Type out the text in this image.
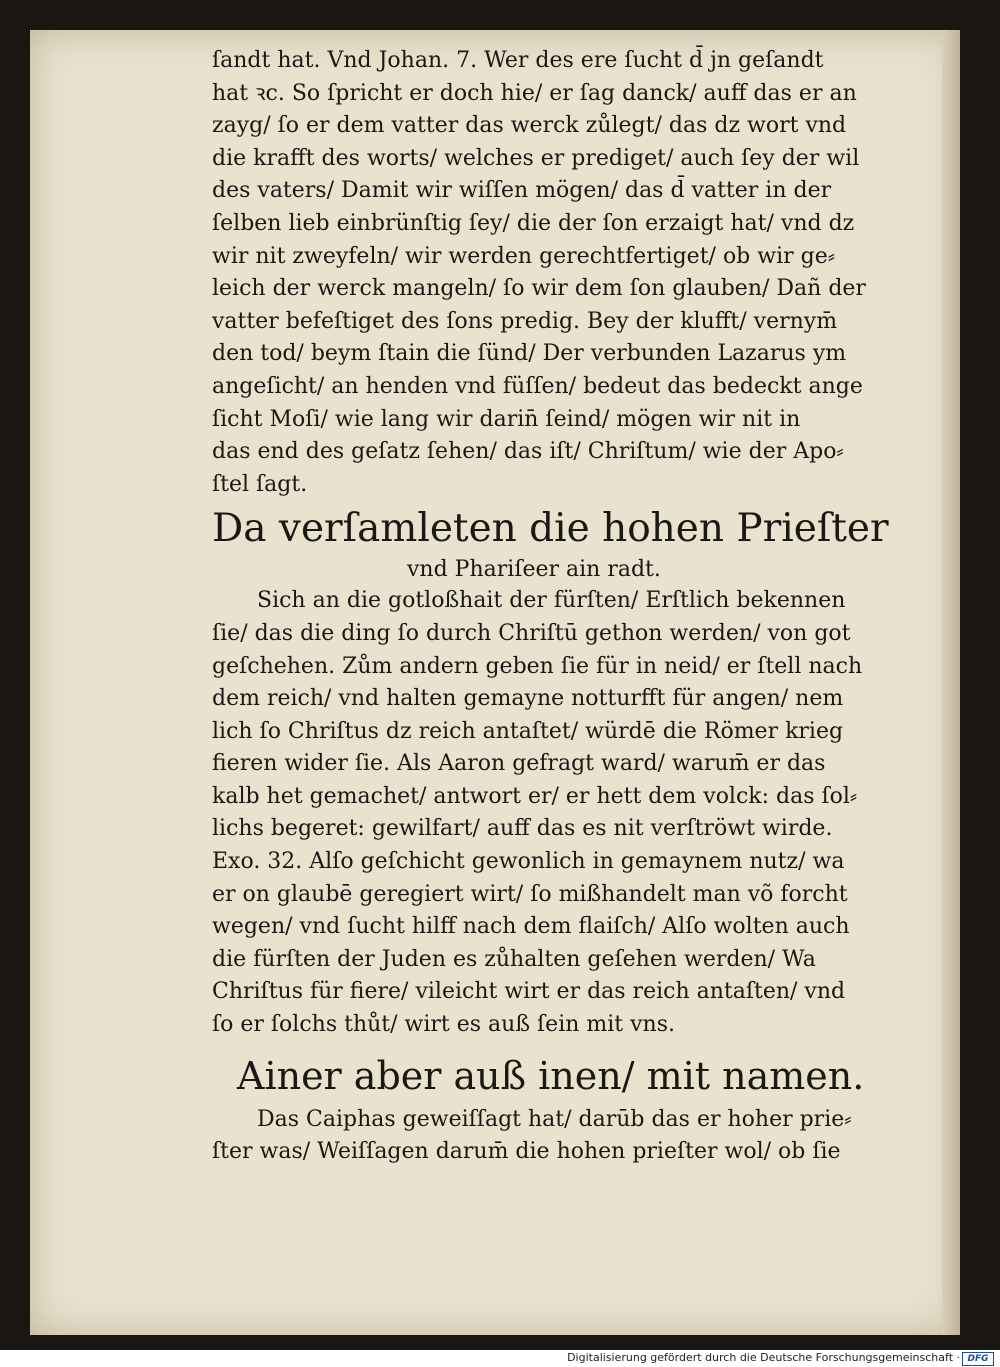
ſandt hat. Vnd Johan. 7. Wer des ere ſucht d̄ jn geſandt
hat ꝛc. So ſpricht er doch hie/ er ſag danck/ auff das er an
zayg/ ſo er dem vatter das werck zůlegt/ das dz wort vnd
die krafft des worts/ welches er prediget/ auch ſey der wil
des vaters/ Damit wir wiſſen mögen/ das d̄ vatter in der
ſelben lieb einbrünſtig ſey/ die der ſon erzaigt hat/ vnd dz
wir nit zweyfeln/ wir werden gerechtfertiget/ ob wir ge⸗
leich der werck mangeln/ ſo wir dem ſon glauben/ Dañ der
vatter befeſtiget des ſons predig. Bey der klufft/ vernym̄
den tod/ beym ſtain die ſünd/ Der verbunden Lazarus ym
angeſicht/ an henden vnd füſſen/ bedeut das bedeckt ange
ſicht Moſi/ wie lang wir darin̄ ſeind/ mögen wir nit in
das end des geſatz ſehen/ das iſt/ Chriſtum/ wie der Apo⸗
ſtel ſagt.
Da verſamleten die hohen Prieſter
vnd Phariſeer ain radt.
Sich an die gotloßhait der fürſten/ Erſtlich bekennen
ſie/ das die ding ſo durch Chriſtū gethon werden/ von got
geſchehen. Zům andern geben ſie für in neid/ er ſtell nach
dem reich/ vnd halten gemayne notturfft für angen/ nem
lich ſo Chriſtus dz reich antaſtet/ würdē die Römer krieg
fieren wider ſie. Als Aaron gefragt ward/ warum̄ er das
kalb het gemachet/ antwort er/ er hett dem volck: das ſol⸗
lichs begeret: gewilfart/ auff das es nit verſtröwt wirde.
Exo. 32. Alſo geſchicht gewonlich in gemaynem nutz/ wa
er on glaubē geregiert wirt/ ſo mißhandelt man võ forcht
wegen/ vnd ſucht hilff nach dem flaiſch/ Alſo wolten auch
die fürſten der Juden es zůhalten geſehen werden/ Wa
Chriſtus für fiere/ vileicht wirt er das reich antaſten/ vnd
ſo er ſolchs thůt/ wirt es auß ſein mit vns.
Ainer aber auß inen/ mit namen.
Das Caiphas geweiſſagt hat/ darūb das er hoher prie⸗
ſter was/ Weiſſagen darum̄ die hohen prieſter wol/ ob ſie
Digitalisierung gefördert durch die Deutsche Forschungsgemeinschaft · DFG
